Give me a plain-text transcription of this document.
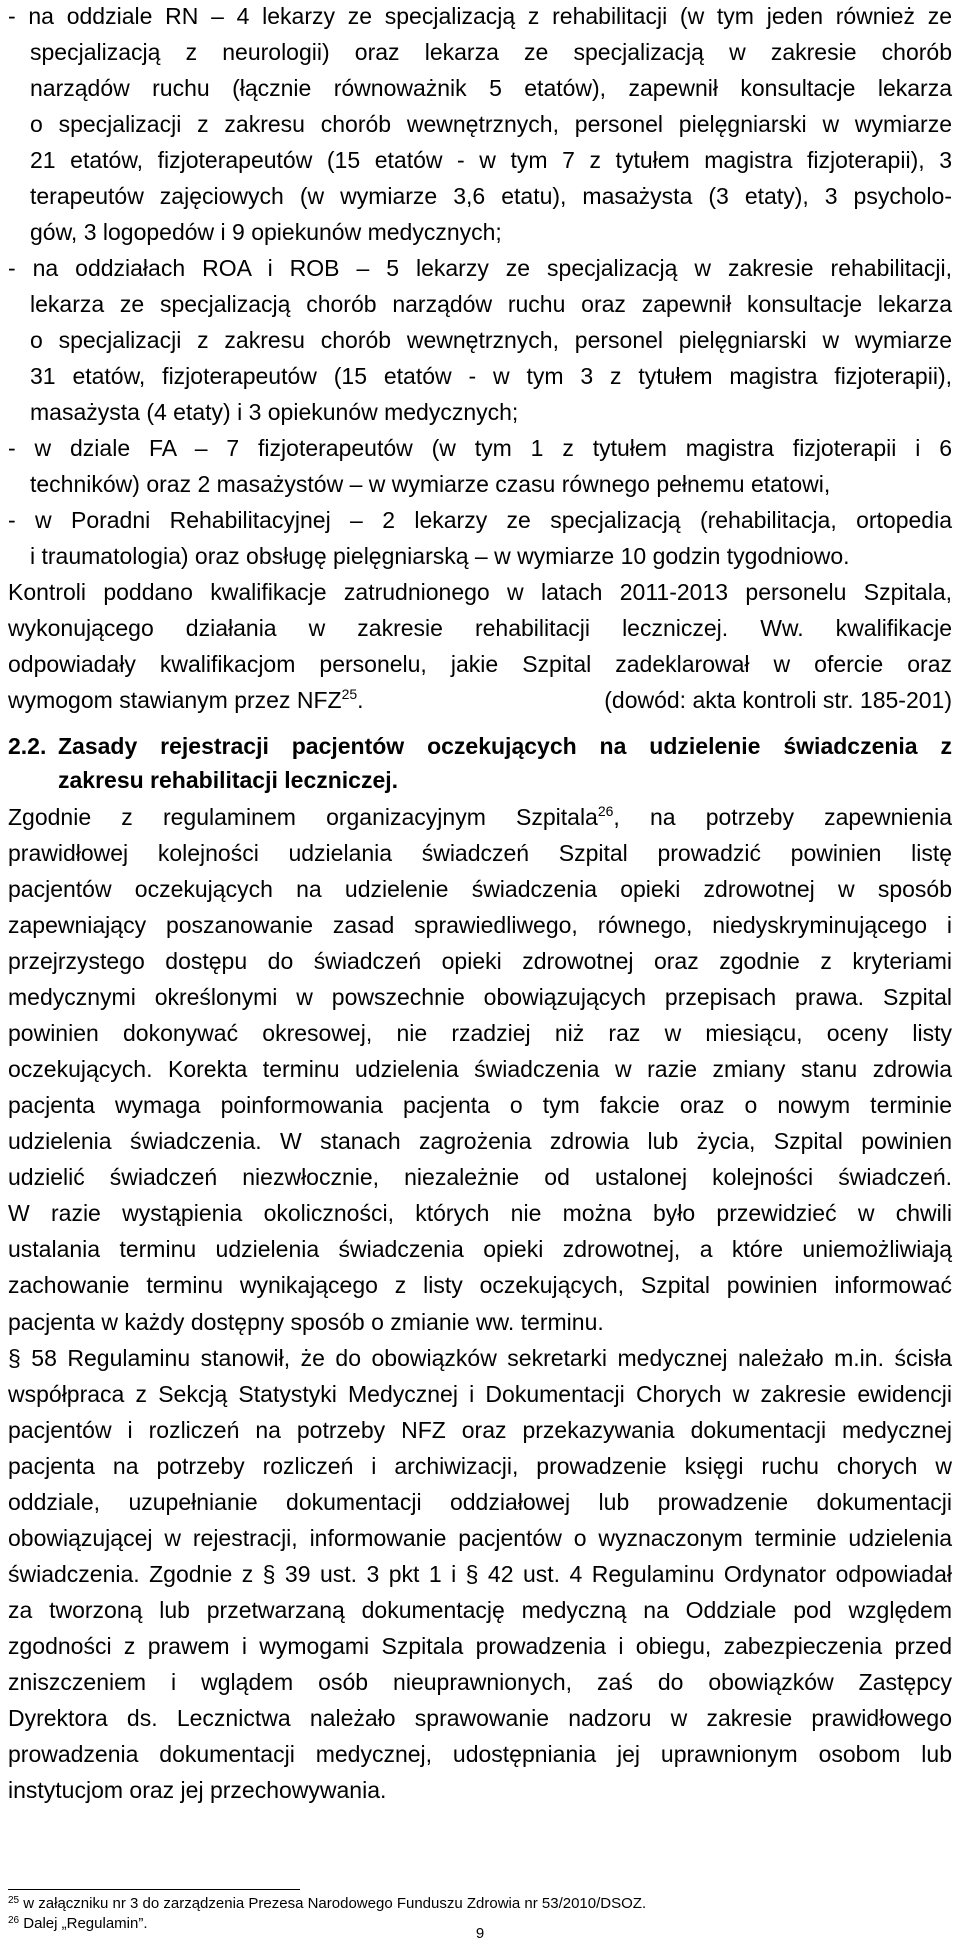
- na oddziale RN – 4 lekarzy ze specjalizacją z rehabilitacji (w tym jeden również ze
specjalizacją z neurologii) oraz lekarza ze specjalizacją w zakresie chorób
narządów ruchu (łącznie równoważnik 5 etatów), zapewnił konsultacje lekarza
o specjalizacji z zakresu chorób wewnętrznych, personel pielęgniarski w wymiarze
21 etatów, fizjoterapeutów (15 etatów - w tym 7 z tytułem magistra fizjoterapii), 3
terapeutów zajęciowych (w wymiarze 3,6 etatu), masażysta (3 etaty), 3 psycholo-
gów, 3 logopedów i 9 opiekunów medycznych;
- na oddziałach ROA i ROB – 5 lekarzy ze specjalizacją w zakresie rehabilitacji,
lekarza ze specjalizacją chorób narządów ruchu oraz zapewnił konsultacje lekarza
o specjalizacji z zakresu chorób wewnętrznych, personel pielęgniarski w wymiarze
31 etatów, fizjoterapeutów (15 etatów - w tym 3 z tytułem magistra fizjoterapii),
masażysta (4 etaty) i 3 opiekunów medycznych;
- w dziale FA – 7 fizjoterapeutów (w tym 1 z tytułem magistra fizjoterapii i 6
techników) oraz 2 masażystów – w wymiarze czasu równego pełnemu etatowi,
- w Poradni Rehabilitacyjnej – 2 lekarzy ze specjalizacją (rehabilitacja, ortopedia
i traumatologia) oraz obsługę pielęgniarską – w wymiarze 10 godzin tygodniowo.
Kontroli poddano kwalifikacje zatrudnionego w latach 2011-2013 personelu Szpitala,
wykonującego działania w zakresie rehabilitacji leczniczej. Ww. kwalifikacje
odpowiadały kwalifikacjom personelu, jakie Szpital zadeklarował w ofercie oraz
wymogom stawianym przez NFZ$^{25}$.	(dowód: akta kontroli str. 185-201)
2.2. Zasady rejestracji pacjentów oczekujących na udzielenie świadczenia z
zakresu rehabilitacji leczniczej.
Zgodnie z regulaminem organizacyjnym Szpitala$^{26}$, na potrzeby zapewnienia
prawidłowej kolejności udzielania świadczeń Szpital prowadzić powinien listę
pacjentów oczekujących na udzielenie świadczenia opieki zdrowotnej w sposób
zapewniający poszanowanie zasad sprawiedliwego, równego, niedyskryminującego i
przejrzystego dostępu do świadczeń opieki zdrowotnej oraz zgodnie z kryteriami
medycznymi określonymi w powszechnie obowiązujących przepisach prawa. Szpital
powinien dokonywać okresowej, nie rzadziej niż raz w miesiącu, oceny listy
oczekujących. Korekta terminu udzielenia świadczenia w razie zmiany stanu zdrowia
pacjenta wymaga poinformowania pacjenta o tym fakcie oraz o nowym terminie
udzielenia świadczenia. W stanach zagrożenia zdrowia lub życia, Szpital powinien
udzielić świadczeń niezwłocznie, niezależnie od ustalonej kolejności świadczeń.
W razie wystąpienia okoliczności, których nie można było przewidzieć w chwili
ustalania terminu udzielenia świadczenia opieki zdrowotnej, a które uniemożliwiają
zachowanie terminu wynikającego z listy oczekujących, Szpital powinien informować
pacjenta w każdy dostępny sposób o zmianie ww. terminu.
§ 58 Regulaminu stanowił, że do obowiązków sekretarki medycznej należało m.in. ścisła
współpraca z Sekcją Statystyki Medycznej i Dokumentacji Chorych w zakresie ewidencji
pacjentów i rozliczeń na potrzeby NFZ oraz przekazywania dokumentacji medycznej
pacjenta na potrzeby rozliczeń i archiwizacji, prowadzenie księgi ruchu chorych w
oddziale, uzupełnianie dokumentacji oddziałowej lub prowadzenie dokumentacji
obowiązującej w rejestracji, informowanie pacjentów o wyznaczonym terminie udzielenia
świadczenia. Zgodnie z § 39 ust. 3 pkt 1 i § 42 ust. 4 Regulaminu Ordynator odpowiadał
za tworzoną lub przetwarzaną dokumentację medyczną na Oddziale pod względem
zgodności z prawem i wymogami Szpitala prowadzenia i obiegu, zabezpieczenia przed
zniszczeniem i wglądem osób nieuprawnionych, zaś do obowiązków Zastępcy
Dyrektora ds. Lecznictwa należało sprawowanie nadzoru w zakresie prawidłowego
prowadzenia dokumentacji medycznej, udostępniania jej uprawnionym osobom lub
instytucjom oraz jej przechowywania.
$^{25}$ w załączniku nr 3 do zarządzenia Prezesa Narodowego Funduszu Zdrowia nr 53/2010/DSOZ.
$^{26}$ Dalej „Regulamin”.
9
